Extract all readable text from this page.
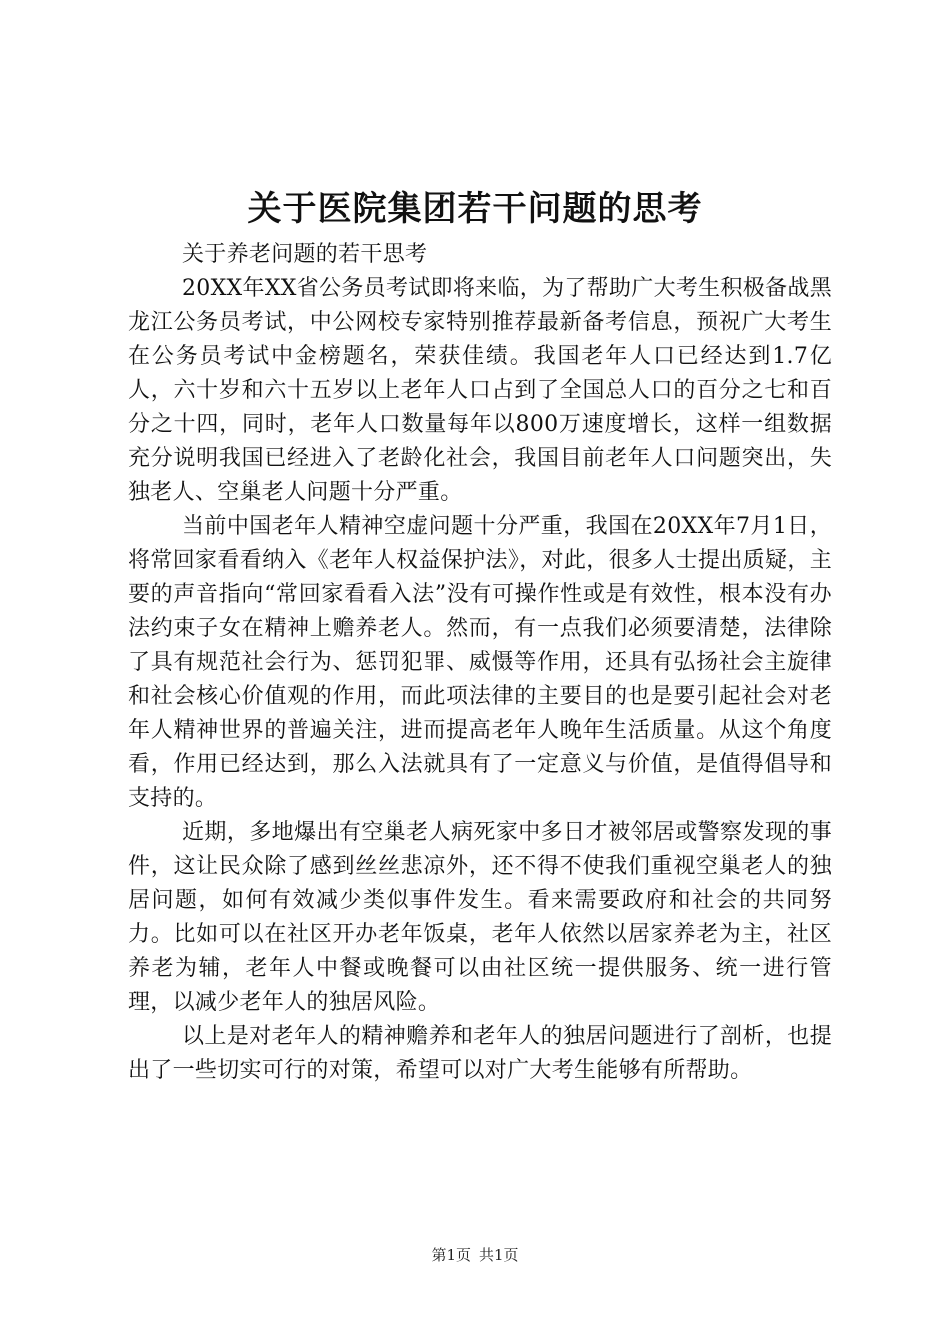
关于医院集团若干问题的思考

关于养老问题的若干思考

20XX年XX省公务员考试即将来临，为了帮助广大考生积极备战黑龙江公务员考试，中公网校专家特别推荐最新备考信息，预祝广大考生在公务员考试中金榜题名，荣获佳绩。我国老年人口已经达到1.7亿人，六十岁和六十五岁以上老年人口占到了全国总人口的百分之七和百分之十四，同时，老年人口数量每年以800万速度增长，这样一组数据充分说明我国已经进入了老龄化社会，我国目前老年人口问题突出，失独老人、空巢老人问题十分严重。

当前中国老年人精神空虚问题十分严重，我国在20XX年7月1日，将常回家看看纳入《老年人权益保护法》，对此，很多人士提出质疑，主要的声音指向“常回家看看入法”没有可操作性或是有效性，根本没有办法约束子女在精神上赡养老人。然而，有一点我们必须要清楚，法律除了具有规范社会行为、惩罚犯罪、威慑等作用，还具有弘扬社会主旋律和社会核心价值观的作用，而此项法律的主要目的也是要引起社会对老年人精神世界的普遍关注，进而提高老年人晚年生活质量。从这个角度看，作用已经达到，那么入法就具有了一定意义与价值，是值得倡导和支持的。

近期，多地爆出有空巢老人病死家中多日才被邻居或警察发现的事件，这让民众除了感到丝丝悲凉外，还不得不使我们重视空巢老人的独居问题，如何有效减少类似事件发生。看来需要政府和社会的共同努力。比如可以在社区开办老年饭桌，老年人依然以居家养老为主，社区养老为辅，老年人中餐或晚餐可以由社区统一提供服务、统一进行管理，以减少老年人的独居风险。

以上是对老年人的精神赡养和老年人的独居问题进行了剖析，也提出了一些切实可行的对策，希望可以对广大考生能够有所帮助。

第1页 共1页
